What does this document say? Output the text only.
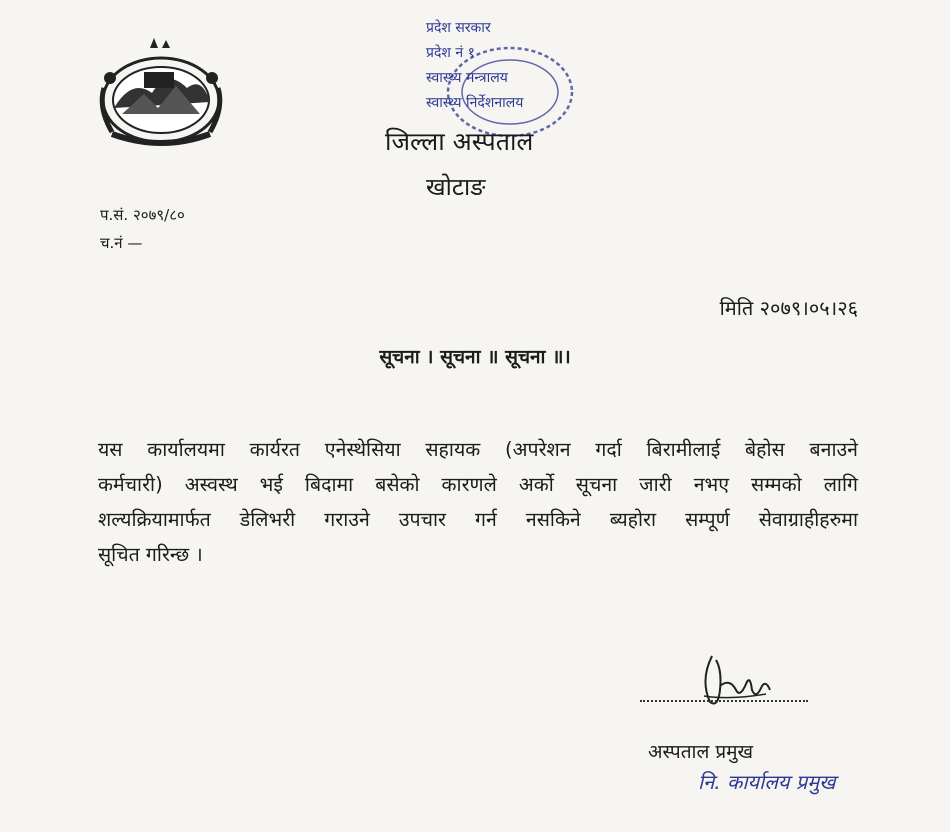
प्रदेश सरकार
प्रदेश नं १
स्वास्थ्य मन्त्रालय
स्वास्थ्य निर्देशनालय
जिल्ला अस्पताल
खोटाङ
प.सं. २०७९/८०
च.नं —
मिति २०७९।०५।२६
सूचना । सूचना ॥ सूचना ॥।
यस कार्यालयमा कार्यरत एनेस्थेसिया सहायक (अपरेशन गर्दा बिरामीलाई बेहोस बनाउने
कर्मचारी) अस्वस्थ भई बिदामा बसेको कारणले अर्को सूचना जारी नभए सम्मको लागि
शल्यक्रियामार्फत डेलिभरी गराउने उपचार गर्न नसकिने ब्यहोरा सम्पूर्ण सेवाग्राहीहरुमा
सूचित गरिन्छ ।
अस्पताल प्रमुख
नि. कार्यालय प्रमुख
